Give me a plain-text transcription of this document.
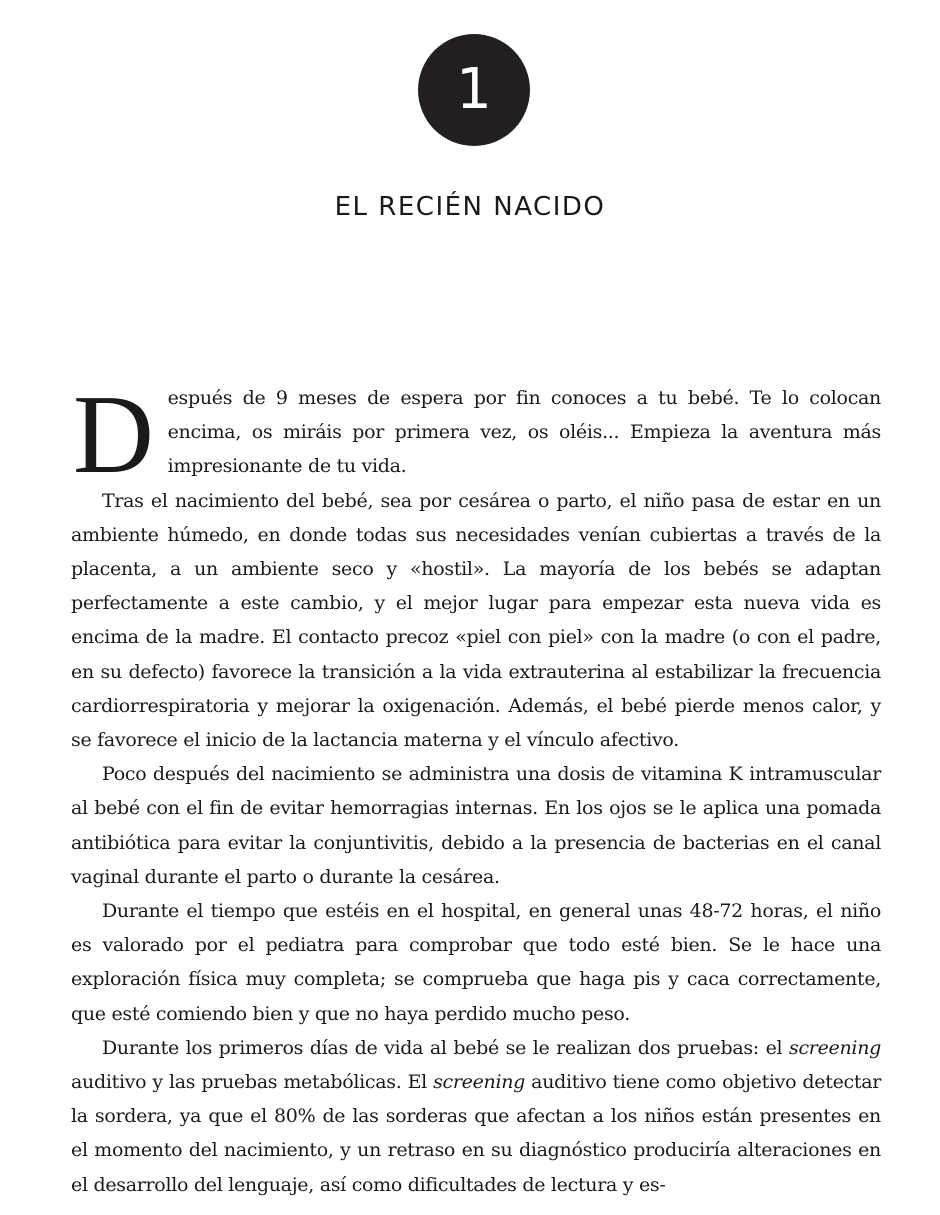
1
EL RECIÉN NACIDO

Después de 9 meses de espera por fin conoces a tu bebé. Te lo colocan encima, os miráis por primera vez, os oléis... Empieza la aventura más impresionante de tu vida.

Tras el nacimiento del bebé, sea por cesárea o parto, el niño pasa de estar en un ambiente húmedo, en donde todas sus necesidades venían cubiertas a través de la placenta, a un ambiente seco y «hostil». La mayoría de los bebés se adaptan perfectamente a este cambio, y el mejor lugar para empezar esta nueva vida es encima de la madre. El contacto precoz «piel con piel» con la madre (o con el padre, en su defecto) favorece la transición a la vida extrauterina al estabilizar la frecuencia cardiorrespiratoria y mejorar la oxigenación. Además, el bebé pierde menos calor, y se favorece el inicio de la lactancia materna y el vínculo afectivo.

Poco después del nacimiento se administra una dosis de vitamina K intramuscular al bebé con el fin de evitar hemorragias internas. En los ojos se le aplica una pomada antibiótica para evitar la conjuntivitis, debido a la presencia de bacterias en el canal vaginal durante el parto o durante la cesárea.

Durante el tiempo que estéis en el hospital, en general unas 48-72 horas, el niño es valorado por el pediatra para comprobar que todo esté bien. Se le hace una exploración física muy completa; se comprueba que haga pis y caca correctamente, que esté comiendo bien y que no haya perdido mucho peso.

Durante los primeros días de vida al bebé se le realizan dos pruebas: el screening auditivo y las pruebas metabólicas. El screening auditivo tiene como objetivo detectar la sordera, ya que el 80% de las sorderas que afectan a los niños están presentes en el momento del nacimiento, y un retraso en su diagnóstico produciría alteraciones en el desarrollo del lenguaje, así como dificultades de lectura y es-
